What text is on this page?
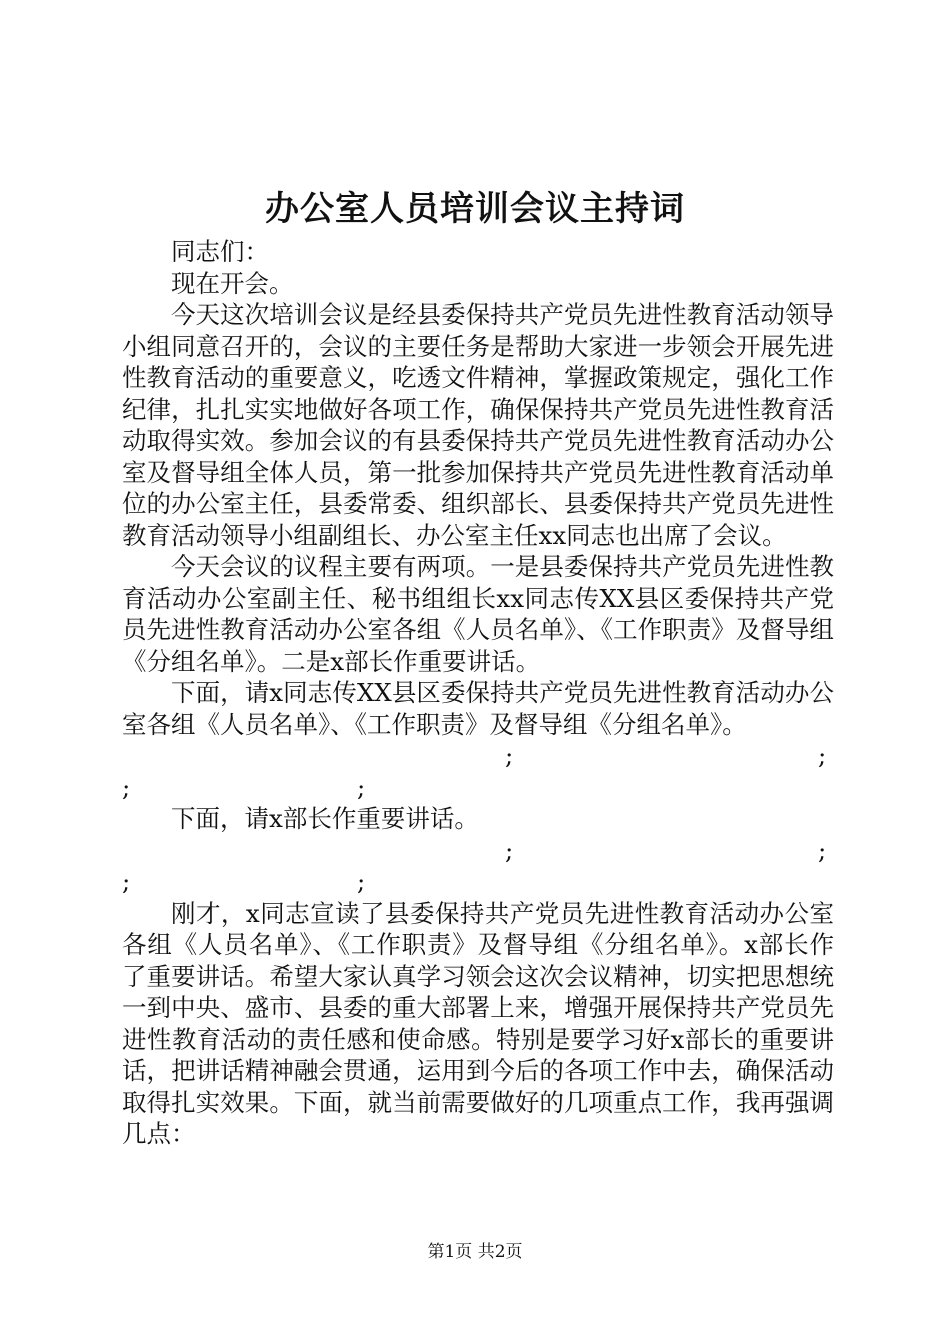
办公室人员培训会议主持词

同志们：

现在开会。

今天这次培训会议是经县委保持共产党员先进性教育活动领导小组同意召开的，会议的主要任务是帮助大家进一步领会开展先进性教育活动的重要意义，吃透文件精神，掌握政策规定，强化工作纪律，扎扎实实地做好各项工作，确保保持共产党员先进性教育活动取得实效。参加会议的有县委保持共产党员先进性教育活动办公室及督导组全体人员，第一批参加保持共产党员先进性教育活动单位的办公室主任，县委常委、组织部长、县委保持共产党员先进性教育活动领导小组副组长、办公室主任xx同志也出席了会议。

今天会议的议程主要有两项。一是县委保持共产党员先进性教育活动办公室副主任、秘书组组长xx同志传XX县区委保持共产党员先进性教育活动办公室各组《人员名单》、《工作职责》及督导组《分组名单》。二是x部长作重要讲话。

下面，请x同志传XX县区委保持共产党员先进性教育活动办公室各组《人员名单》、《工作职责》及督导组《分组名单》。

;	;
;	;

下面，请x部长作重要讲话。

;	;
;	;

刚才，x同志宣读了县委保持共产党员先进性教育活动办公室各组《人员名单》、《工作职责》及督导组《分组名单》。x部长作了重要讲话。希望大家认真学习领会这次会议精神，切实把思想统一到中央、盛市、县委的重大部署上来，增强开展保持共产党员先进性教育活动的责任感和使命感。特别是要学习好x部长的重要讲话，把讲话精神融会贯通，运用到今后的各项工作中去，确保活动取得扎实效果。下面，就当前需要做好的几项重点工作，我再强调几点：

第1页 共2页
